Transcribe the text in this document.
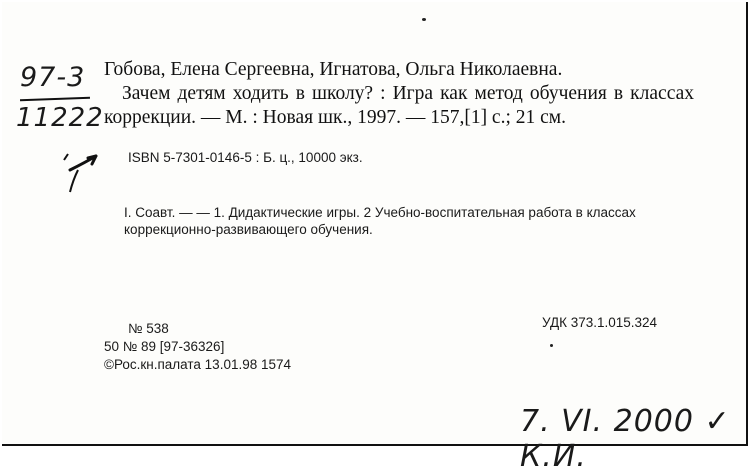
97-3
11222

Гобова, Елена Сергеевна, Игнатова, Ольга Николаевна.

Зачем детям ходить в школу? : Игра как метод обучения в классах коррекции. — М. : Новая шк., 1997. — 157,[1] с.; 21 см.

ISBN 5-7301-0146-5 : Б. ц., 10000 экз.
I. Соавт. — — 1. Дидактические игры. 2 Учебно-воспитательная работа в классах коррекционно-развивающего обучения.
№ 538
50 № 89 [97-36326]
©Рос.кн.палата 13.01.98 1574
УДК 373.1.015.324
7. VI. 2000 ✓ К.И.
